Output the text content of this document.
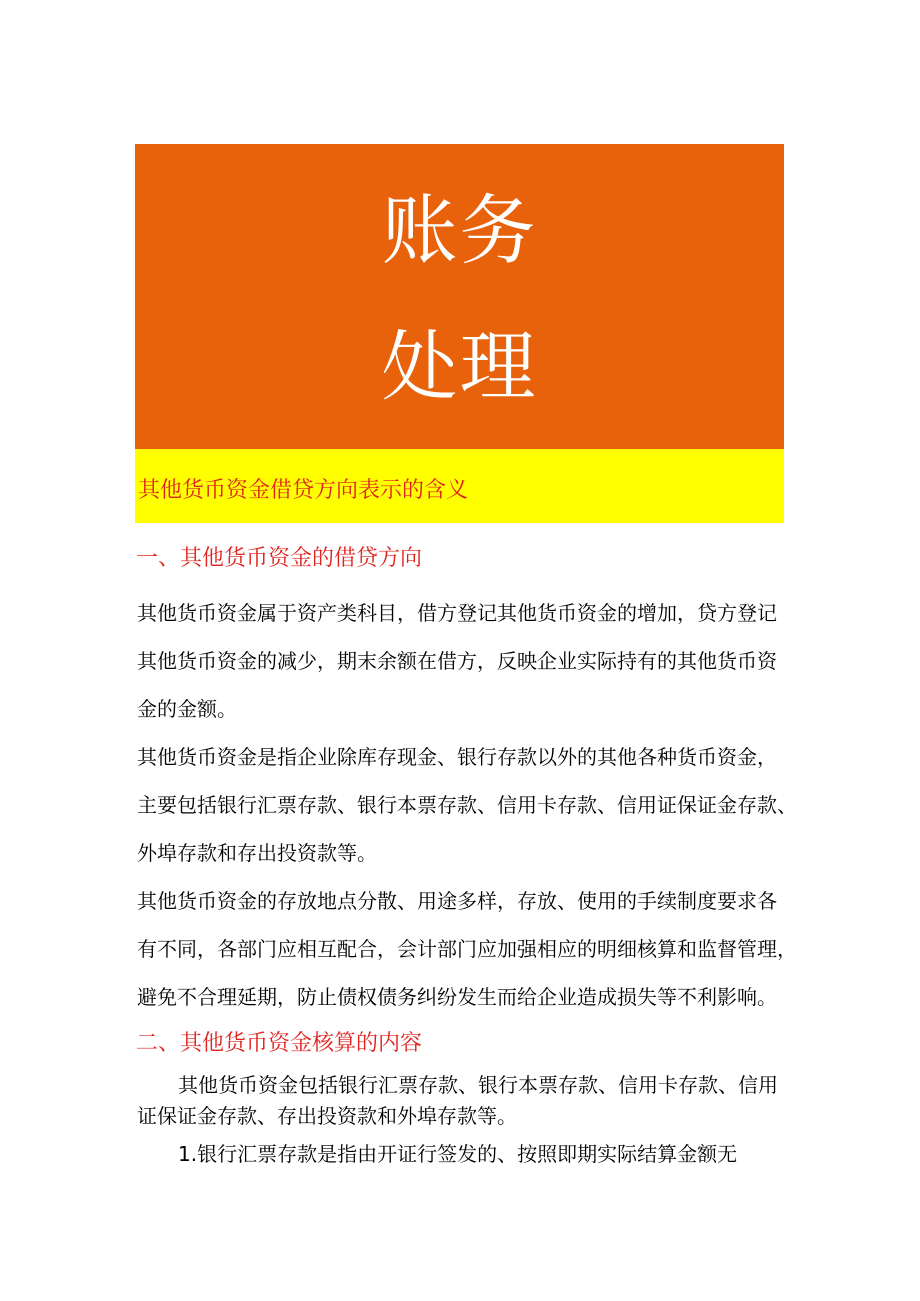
账务
处理
其他货币资金借贷方向表示的含义
一、其他货币资金的借贷方向
其他货币资金属于资产类科目，借方登记其他货币资金的增加，贷方登记
其他货币资金的减少，期末余额在借方，反映企业实际持有的其他货币资
金的金额。
其他货币资金是指企业除库存现金、银行存款以外的其他各种货币资金，
主要包括银行汇票存款、银行本票存款、信用卡存款、信用证保证金存款、
外埠存款和存出投资款等。
其他货币资金的存放地点分散、用途多样，存放、使用的手续制度要求各
有不同，各部门应相互配合，会计部门应加强相应的明细核算和监督管理，
避免不合理延期，防止债权债务纠纷发生而给企业造成损失等不利影响。
二、其他货币资金核算的内容
其他货币资金包括银行汇票存款、银行本票存款、信用卡存款、信用
证保证金存款、存出投资款和外埠存款等。
1.银行汇票存款是指由开证行签发的、按照即期实际结算金额无
